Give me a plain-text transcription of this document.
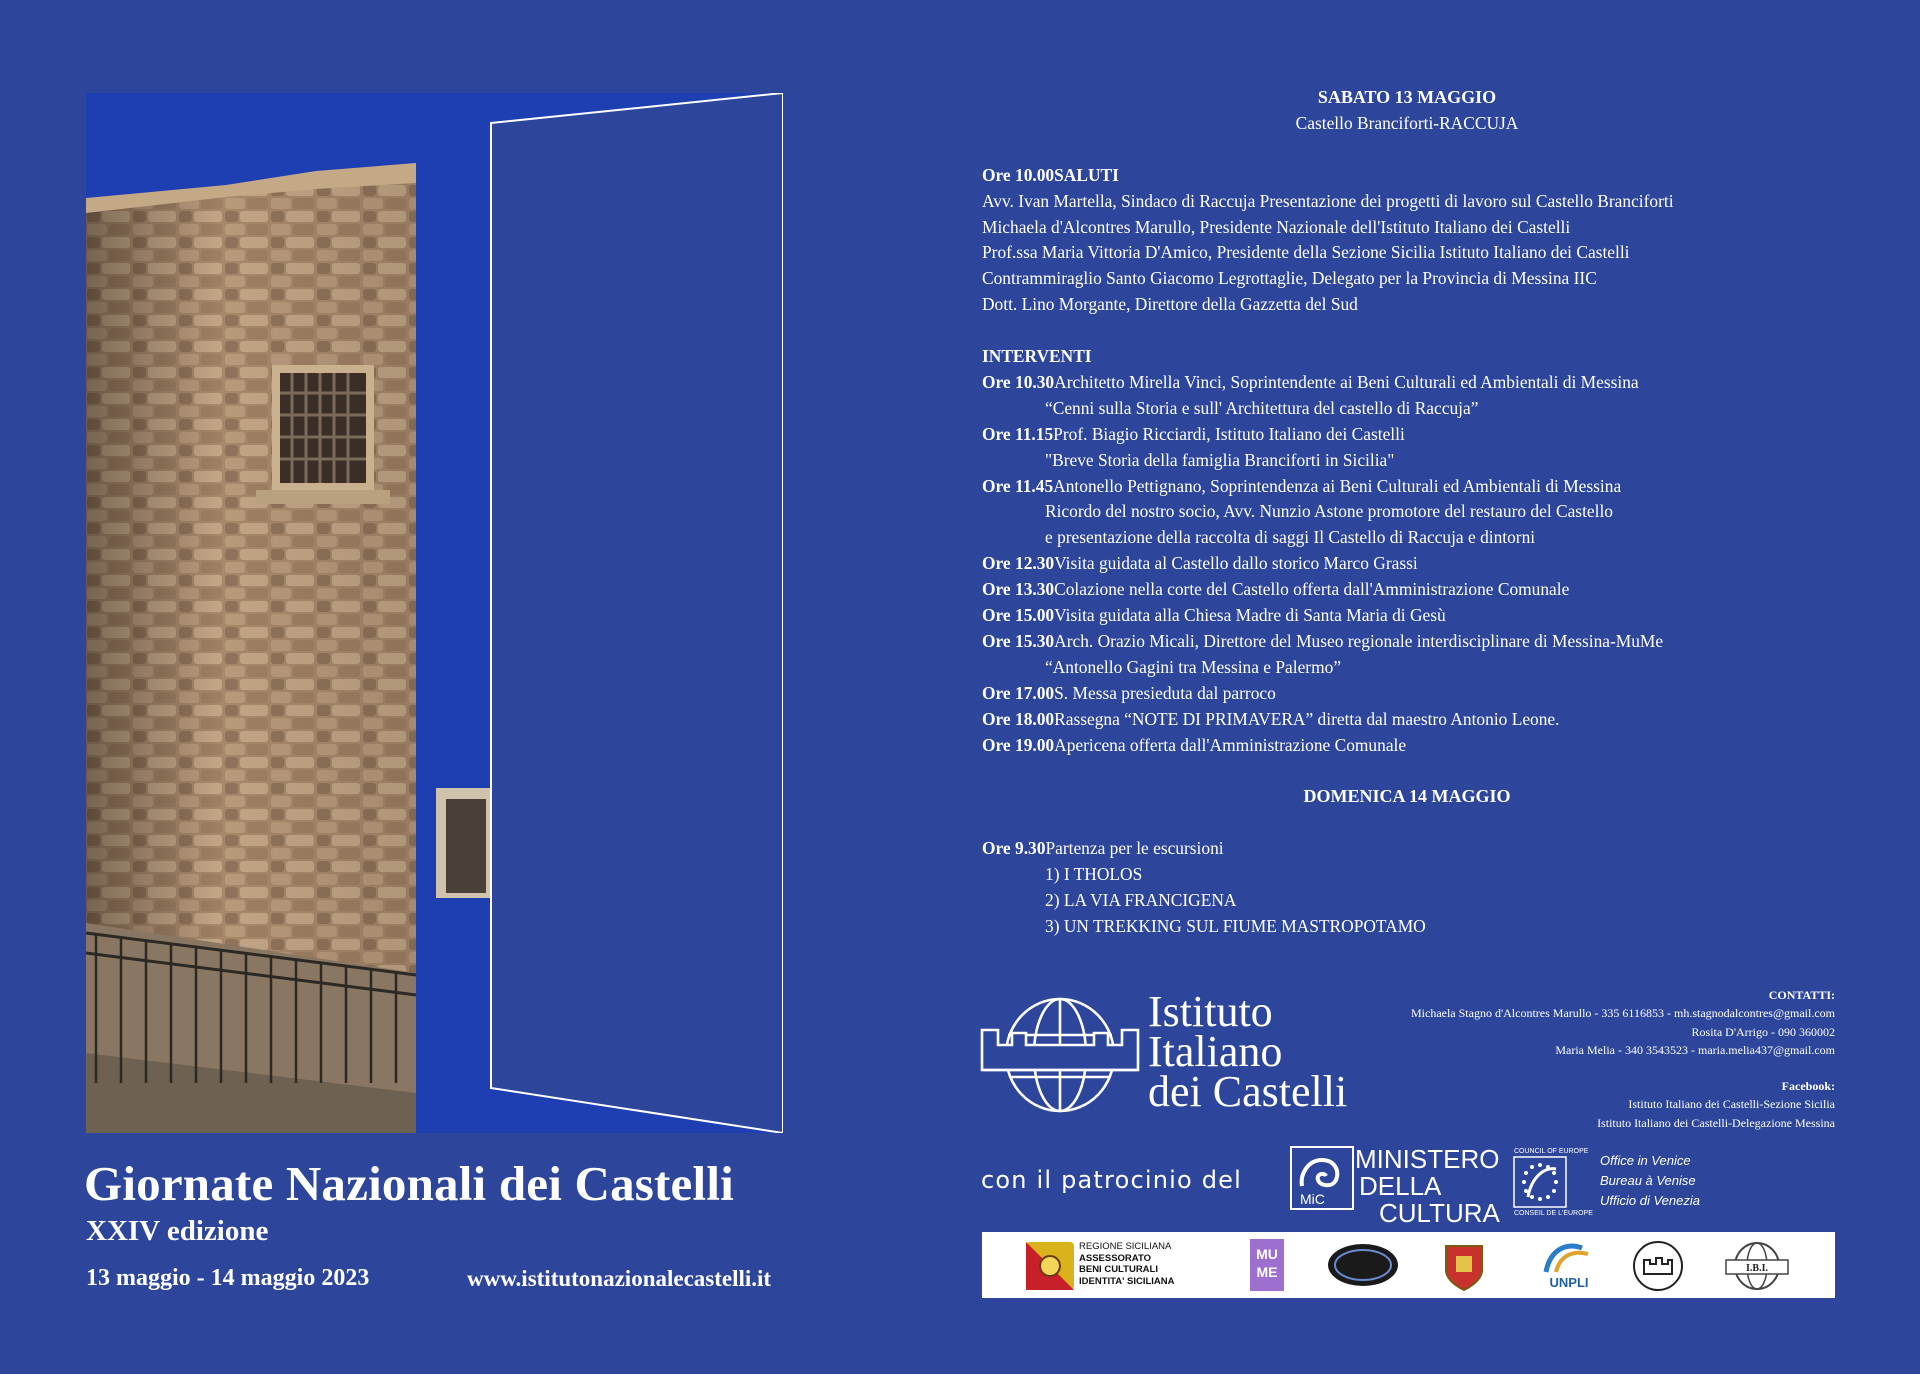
Giornate Nazionali dei Castelli
XXIV edizione
13 maggio - 14 maggio 2023	www.istitutonazionalecastelli.it
SABATO 13 MAGGIO
Castello Branciforti-RACCUJA
Ore 10.00SALUTI
Avv. Ivan Martella, Sindaco di Raccuja Presentazione dei progetti di lavoro sul Castello Branciforti
Michaela d'Alcontres Marullo, Presidente Nazionale dell'Istituto Italiano dei Castelli
Prof.ssa Maria Vittoria D'Amico, Presidente della Sezione Sicilia Istituto Italiano dei Castelli
Contrammiraglio Santo Giacomo Legrottaglie, Delegato per la Provincia di Messina IIC
Dott. Lino Morgante, Direttore della Gazzetta del Sud
INTERVENTI
Ore 10.30Architetto Mirella Vinci, Soprintendente ai Beni Culturali ed Ambientali di Messina
“Cenni sulla Storia e sull' Architettura del castello di Raccuja”
Ore 11.15Prof. Biagio Ricciardi, Istituto Italiano dei Castelli
"Breve Storia della famiglia Branciforti in Sicilia"
Ore 11.45Antonello Pettignano, Soprintendenza ai Beni Culturali ed Ambientali di Messina
Ricordo del nostro socio, Avv. Nunzio Astone promotore del restauro del Castello
e presentazione della raccolta di saggi Il Castello di Raccuja e dintorni
Ore 12.30Visita guidata al Castello dallo storico Marco Grassi
Ore 13.30Colazione nella corte del Castello offerta dall'Amministrazione Comunale
Ore 15.00Visita guidata alla Chiesa Madre di Santa Maria di Gesù
Ore 15.30Arch. Orazio Micali, Direttore del Museo regionale interdisciplinare di Messina-MuMe
“Antonello Gagini tra Messina e Palermo”
Ore 17.00S. Messa presieduta dal parroco
Ore 18.00Rassegna “NOTE DI PRIMAVERA” diretta dal maestro Antonio Leone.
Ore 19.00Apericena offerta dall'Amministrazione Comunale
DOMENICA 14 MAGGIO
Ore 9.30Partenza per le escursioni
1) I THOLOS
2) LA VIA FRANCIGENA
3) UN TREKKING SUL FIUME MASTROPOTAMO
Istituto
Italiano
dei Castelli
CONTATTI:
Michaela Stagno d'Alcontres Marullo - 335 6116853 - mh.stagnodalcontres@gmail.com
Rosita D'Arrigo - 090 360002
Maria Melia - 340 3543523 - maria.melia437@gmail.com
Facebook:
Istituto Italiano dei Castelli-Sezione Sicilia
Istituto Italiano dei Castelli-Delegazione Messina
con il patrocinio del
MiC
MINISTERO
DELLA
CULTURA
COUNCIL OF EUROPE
CONSEIL DE L'EUROPE
Office in Venice
Bureau à Venise
Ufficio di Venezia
REGIONE SICILIANA
ASSESSORATO
BENI CULTURALI
IDENTITA' SICILIANA
MU ME
UNPLI
I.B.I.
